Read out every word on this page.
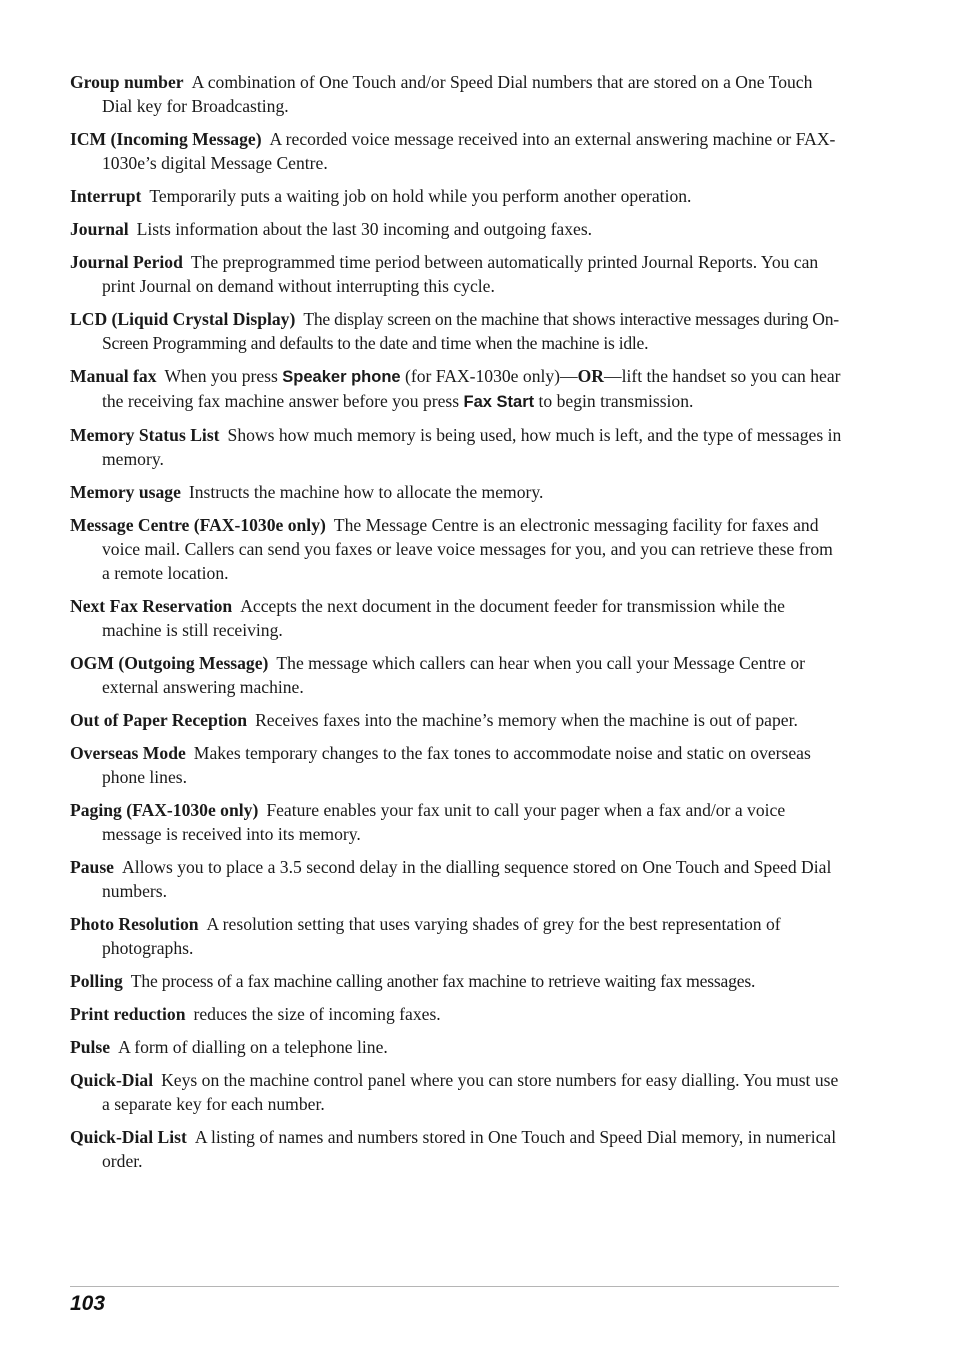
Group number A combination of One Touch and/or Speed Dial numbers that are stored on a One Touch Dial key for Broadcasting.

ICM (Incoming Message) A recorded voice message received into an external answering machine or FAX-1030e’s digital Message Centre.

Interrupt Temporarily puts a waiting job on hold while you perform another operation.

Journal Lists information about the last 30 incoming and outgoing faxes.

Journal Period The preprogrammed time period between automatically printed Journal Reports. You can print Journal on demand without interrupting this cycle.

LCD (Liquid Crystal Display) The display screen on the machine that shows interactive messages during On-Screen Programming and defaults to the date and time when the machine is idle.

Manual fax When you press Speaker phone (for FAX-1030e only)—OR—lift the handset so you can hear the receiving fax machine answer before you press Fax Start to begin transmission.

Memory Status List Shows how much memory is being used, how much is left, and the type of messages in memory.

Memory usage Instructs the machine how to allocate the memory.

Message Centre (FAX-1030e only) The Message Centre is an electronic messaging facility for faxes and voice mail. Callers can send you faxes or leave voice messages for you, and you can retrieve these from a remote location.

Next Fax Reservation Accepts the next document in the document feeder for transmission while the machine is still receiving.

OGM (Outgoing Message) The message which callers can hear when you call your Message Centre or external answering machine.

Out of Paper Reception Receives faxes into the machine’s memory when the machine is out of paper.

Overseas Mode Makes temporary changes to the fax tones to accommodate noise and static on overseas phone lines.

Paging (FAX-1030e only) Feature enables your fax unit to call your pager when a fax and/or a voice message is received into its memory.

Pause Allows you to place a 3.5 second delay in the dialling sequence stored on One Touch and Speed Dial numbers.

Photo Resolution A resolution setting that uses varying shades of grey for the best representation of photographs.

Polling The process of a fax machine calling another fax machine to retrieve waiting fax messages.

Print reduction reduces the size of incoming faxes.

Pulse A form of dialling on a telephone line.

Quick-Dial Keys on the machine control panel where you can store numbers for easy dialling. You must use a separate key for each number.

Quick-Dial List A listing of names and numbers stored in One Touch and Speed Dial memory, in numerical order.

103
